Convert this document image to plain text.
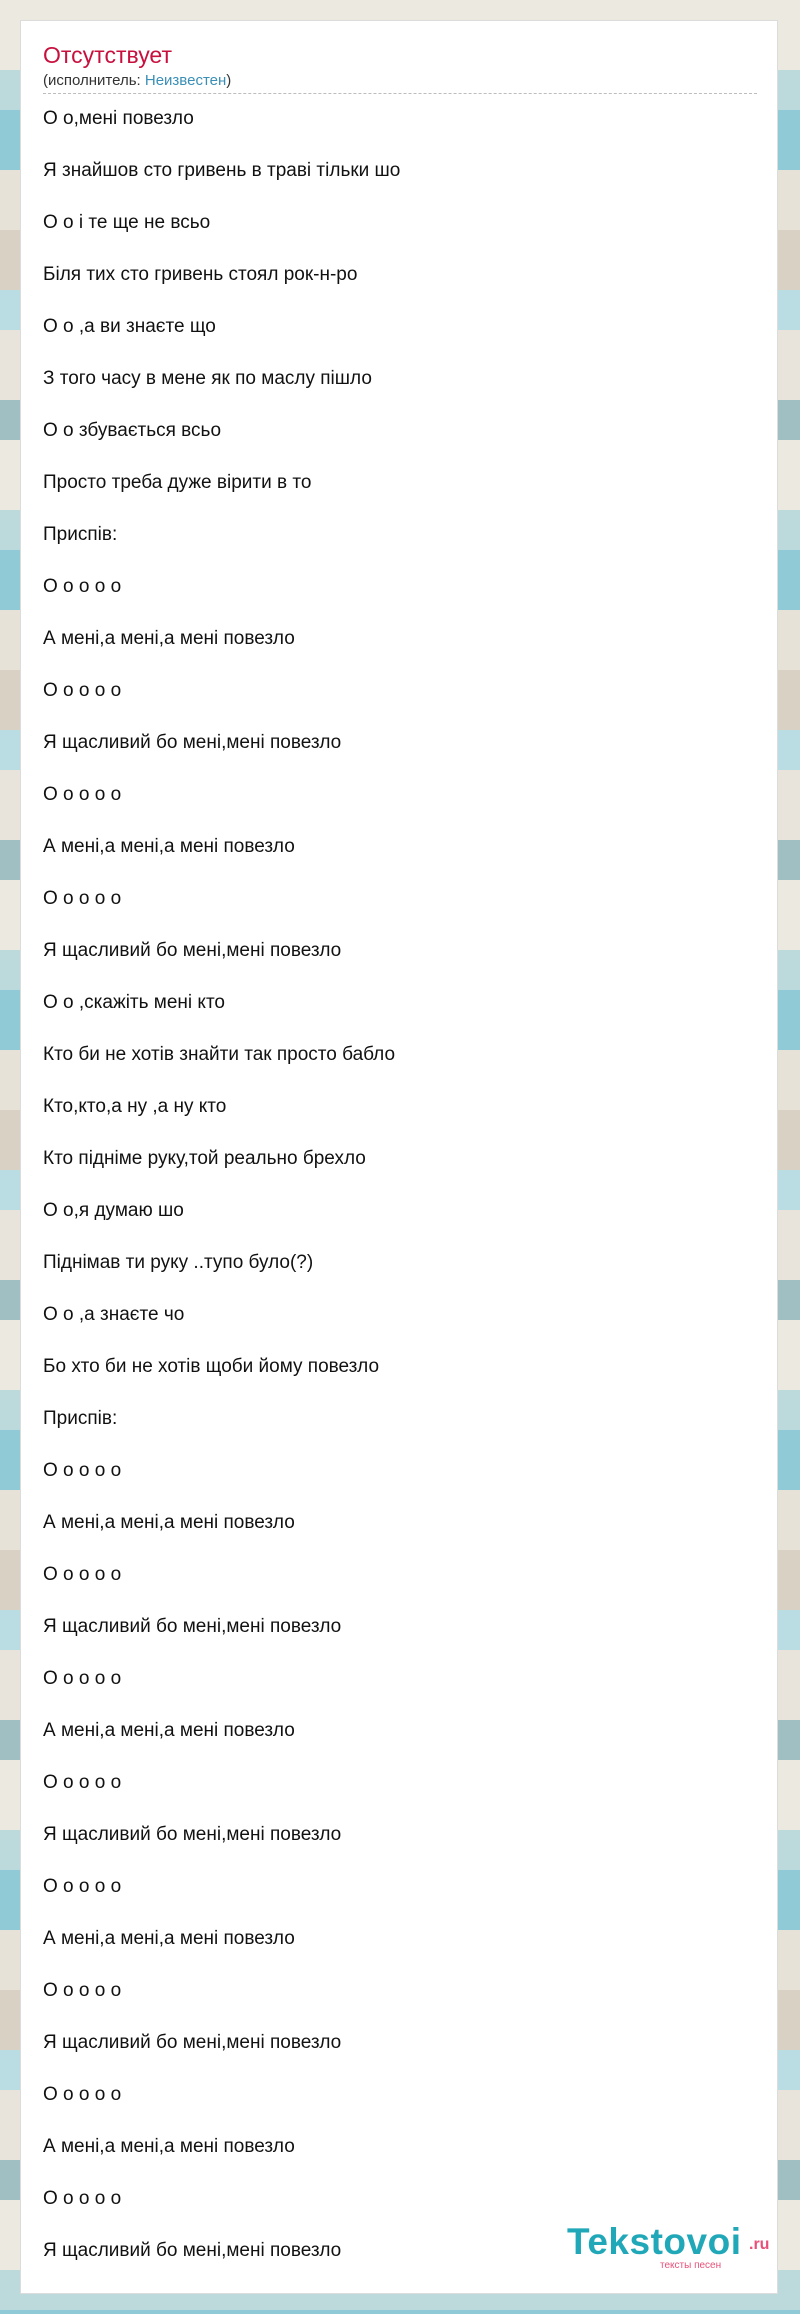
Отсутствует
(исполнитель: Неизвестен)
О о,мені повезло
Я знайшов сто гривень в траві тільки шо
О о і те ще не всьо
Біля тих сто гривень стоял рок-н-ро
О о ,а ви знаєте що
З того часу в мене як по маслу пішло
О о збувається всьо
Просто треба дуже вірити в то
Приспів:
О о о о о
А мені,а мені,а мені повезло
О о о о о
Я щасливий бо мені,мені повезло
О о о о о
А мені,а мені,а мені повезло
О о о о о
Я щасливий бо мені,мені повезло
О о ,скажіть мені кто
Кто би не хотів знайти так просто бабло
Кто,кто,а ну ,а ну кто
Кто підніме руку,той реально брехло
О о,я думаю шо
Піднімав ти руку ..тупо було(?)
О о ,а знаєте чо
Бо хто би не хотів щоби йому повезло
Приспів:
О о о о о
А мені,а мені,а мені повезло
О о о о о
Я щасливий бо мені,мені повезло
О о о о о
А мені,а мені,а мені повезло
О о о о о
Я щасливий бо мені,мені повезло
О о о о о
А мені,а мені,а мені повезло
О о о о о
Я щасливий бо мені,мені повезло
О о о о о
А мені,а мені,а мені повезло
О о о о о
Я щасливий бо мені,мені повезло	Tekstovoi .ru
тексты песен
